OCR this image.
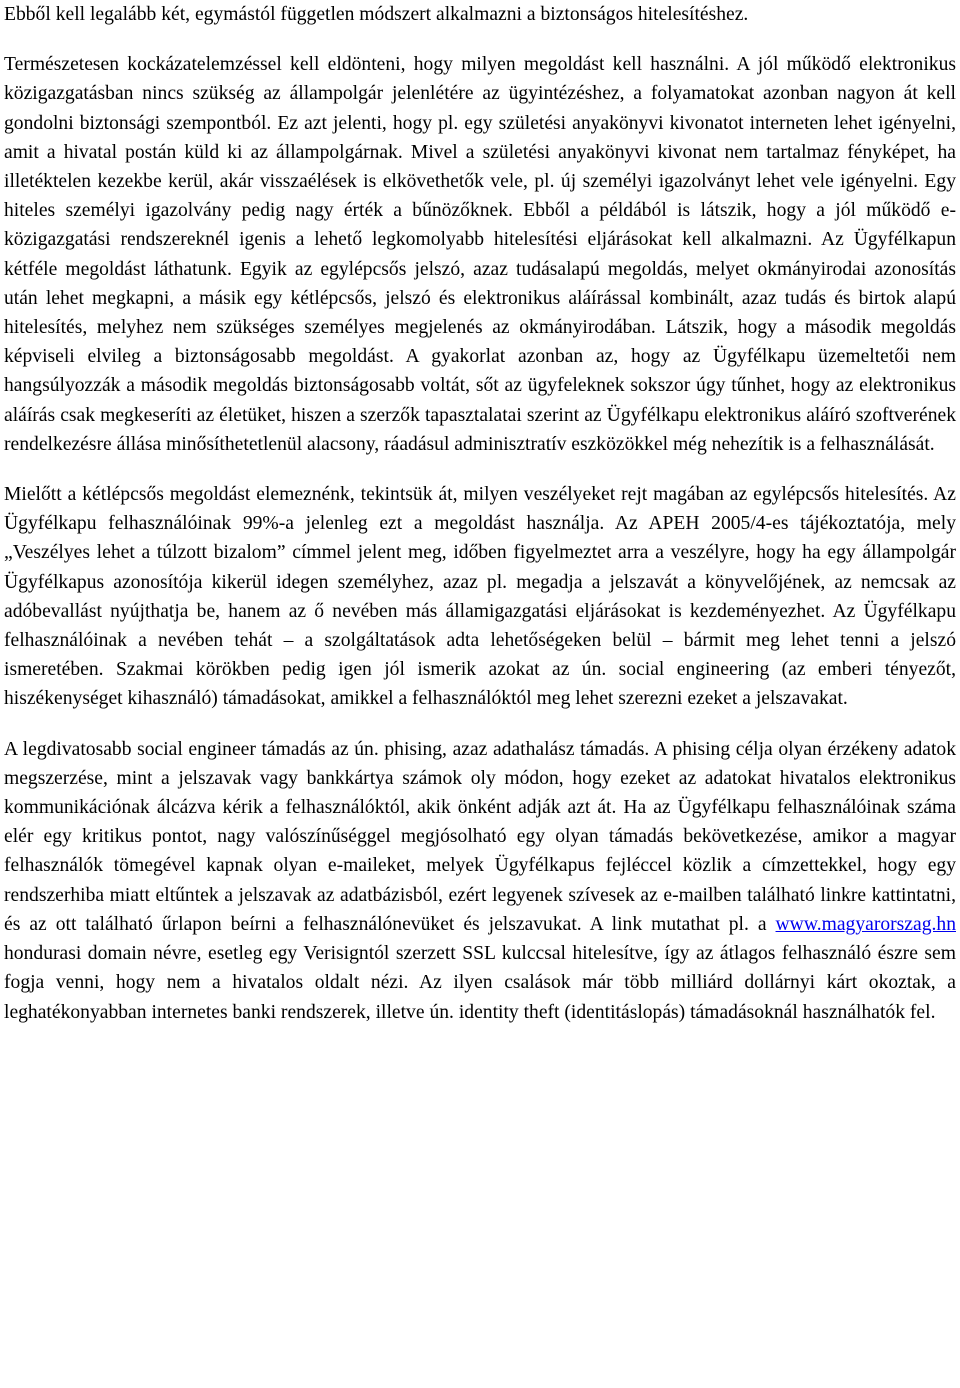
Ebből kell legalább két, egymástól független módszert alkalmazni a biztonságos hitelesítéshez.

Természetesen kockázatelemzéssel kell eldönteni, hogy milyen megoldást kell használni. A jól működő elektronikus közigazgatásban nincs szükség az állampolgár jelenlétére az ügyintézéshez, a folyamatokat azonban nagyon át kell gondolni biztonsági szempontból. Ez azt jelenti, hogy pl. egy születési anyakönyvi kivonatot interneten lehet igényelni, amit a hivatal postán küld ki az állampolgárnak. Mivel a születési anyakönyvi kivonat nem tartalmaz fényképet, ha illetéktelen kezekbe kerül, akár visszaélések is elkövethetők vele, pl. új személyi igazolványt lehet vele igényelni. Egy hiteles személyi igazolvány pedig nagy érték a bűnözőknek. Ebből a példából is látszik, hogy a jól működő e-közigazgatási rendszereknél igenis a lehető legkomolyabb hitelesítési eljárásokat kell alkalmazni. Az Ügyfélkapun kétféle megoldást láthatunk. Egyik az egylépcsős jelszó, azaz tudásalapú megoldás, melyet okmányirodai azonosítás után lehet megkapni, a másik egy kétlépcsős, jelszó és elektronikus aláírással kombinált, azaz tudás és birtok alapú hitelesítés, melyhez nem szükséges személyes megjelenés az okmányirodában. Látszik, hogy a második megoldás képviseli elvileg a biztonságosabb megoldást. A gyakorlat azonban az, hogy az Ügyfélkapu üzemeltetői nem hangsúlyozzák a második megoldás biztonságosabb voltát, sőt az ügyfeleknek sokszor úgy tűnhet, hogy az elektronikus aláírás csak megkeseríti az életüket, hiszen a szerzők tapasztalatai szerint az Ügyfélkapu elektronikus aláíró szoftverének rendelkezésre állása minősíthetetlenül alacsony, ráadásul adminisztratív eszközökkel még nehezítik is a felhasználását.

Mielőtt a kétlépcsős megoldást elemeznénk, tekintsük át, milyen veszélyeket rejt magában az egylépcsős hitelesítés. Az Ügyfélkapu felhasználóinak 99%-a jelenleg ezt a megoldást használja. Az APEH 2005/4-es tájékoztatója, mely „Veszélyes lehet a túlzott bizalom” címmel jelent meg, időben figyelmeztet arra a veszélyre, hogy ha egy állampolgár Ügyfélkapus azonosítója kikerül idegen személyhez, azaz pl. megadja a jelszavát a könyvelőjének, az nemcsak az adóbevallást nyújthatja be, hanem az ő nevében más államigazgatási eljárásokat is kezdeményezhet. Az Ügyfélkapu felhasználóinak a nevében tehát – a szolgáltatások adta lehetőségeken belül – bármit meg lehet tenni a jelszó ismeretében. Szakmai körökben pedig igen jól ismerik azokat az ún. social engineering (az emberi tényezőt, hiszékenységet kihasználó) támadásokat, amikkel a felhasználóktól meg lehet szerezni ezeket a jelszavakat.

A legdivatosabb social engineer támadás az ún. phising, azaz adathalász támadás. A phising célja olyan érzékeny adatok megszerzése, mint a jelszavak vagy bankkártya számok oly módon, hogy ezeket az adatokat hivatalos elektronikus kommunikációnak álcázva kérik a felhasználóktól, akik önként adják azt át. Ha az Ügyfélkapu felhasználóinak száma elér egy kritikus pontot, nagy valószínűséggel megjósolható egy olyan támadás bekövetkezése, amikor a magyar felhasználók tömegével kapnak olyan e-maileket, melyek Ügyfélkapus fejléccel közlik a címzettekkel, hogy egy rendszerhiba miatt eltűntek a jelszavak az adatbázisból, ezért legyenek szívesek az e-mailben található linkre kattintatni, és az ott található űrlapon beírni a felhasználónevüket és jelszavukat. A link mutathat pl. a www.magyarorszag.hn hondurasi domain névre, esetleg egy Verisigntól szerzett SSL kulccsal hitelesítve, így az átlagos felhasználó észre sem fogja venni, hogy nem a hivatalos oldalt nézi. Az ilyen csalások már több milliárd dollárnyi kárt okoztak, a leghatékonyabban internetes banki rendszerek, illetve ún. identity theft (identitáslopás) támadásoknál használhatók fel.
